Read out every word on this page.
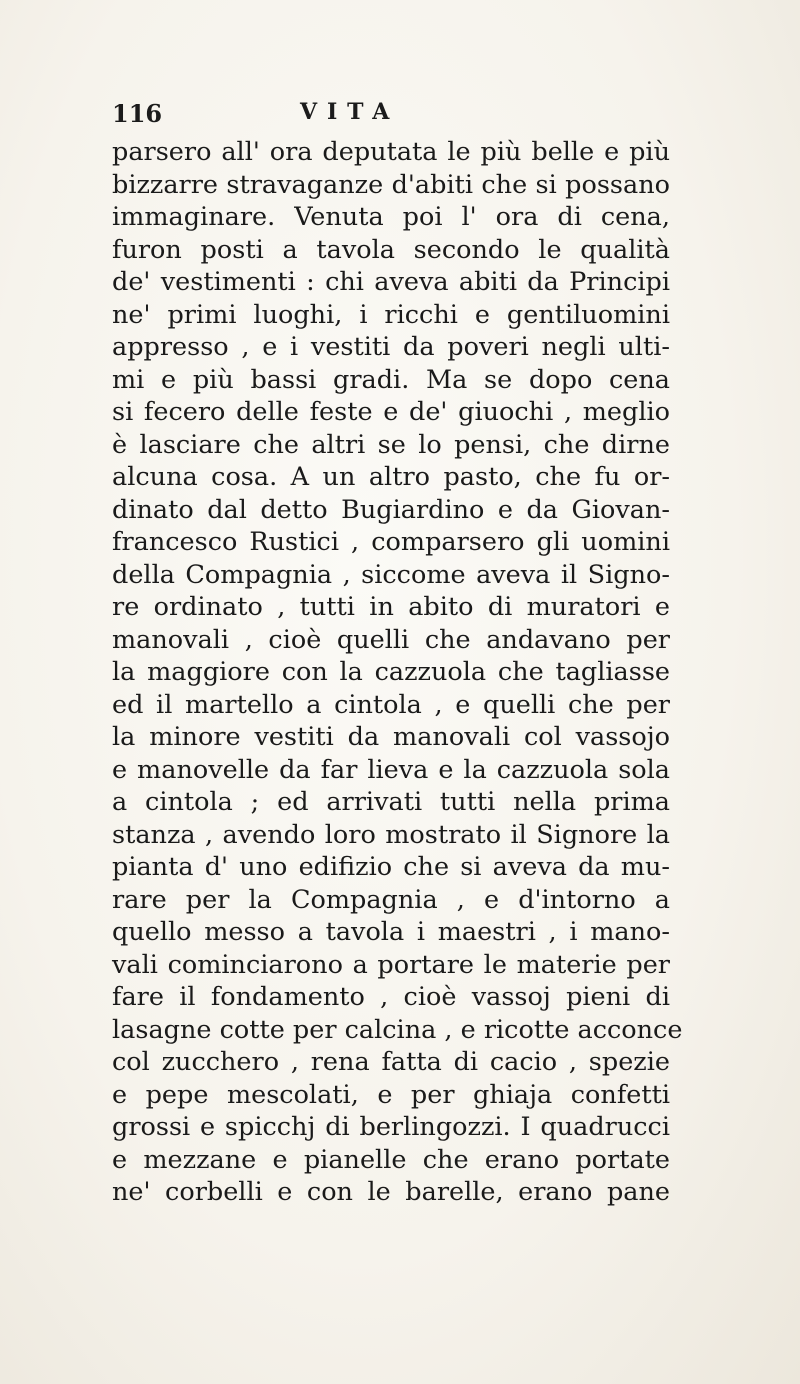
116	VITA
parsero all' ora deputata le più belle e più
bizzarre stravaganze d'abiti che si possano
immaginare. Venuta poi l' ora di cena,
furon posti a tavola secondo le qualità
de' vestimenti : chi aveva abiti da Principi
ne' primi luoghi, i ricchi e gentiluomini
appresso , e i vestiti da poveri negli ulti-
mi e più bassi gradi. Ma se dopo cena
si fecero delle feste e de' giuochi , meglio
è lasciare che altri se lo pensi, che dirne
alcuna cosa. A un altro pasto, che fu or-
dinato dal detto Bugiardino e da Giovan-
francesco Rustici , comparsero gli uomini
della Compagnia , siccome aveva il Signo-
re ordinato , tutti in abito di muratori e
manovali , cioè quelli che andavano per
la maggiore con la cazzuola che tagliasse
ed il martello a cintola , e quelli che per
la minore vestiti da manovali col vassojo
e manovelle da far lieva e la cazzuola sola
a cintola ; ed arrivati tutti nella prima
stanza , avendo loro mostrato il Signore la
pianta d' uno edifizio che si aveva da mu-
rare per la Compagnia , e d'intorno a
quello messo a tavola i maestri , i mano-
vali cominciarono a portare le materie per
fare il fondamento , cioè vassoj pieni di
lasagne cotte per calcina , e ricotte acconce
col zucchero , rena fatta di cacio , spezie
e pepe mescolati, e per ghiaja confetti
grossi e spicchj di berlingozzi. I quadrucci
e mezzane e pianelle che erano portate
ne' corbelli e con le barelle, erano pane
